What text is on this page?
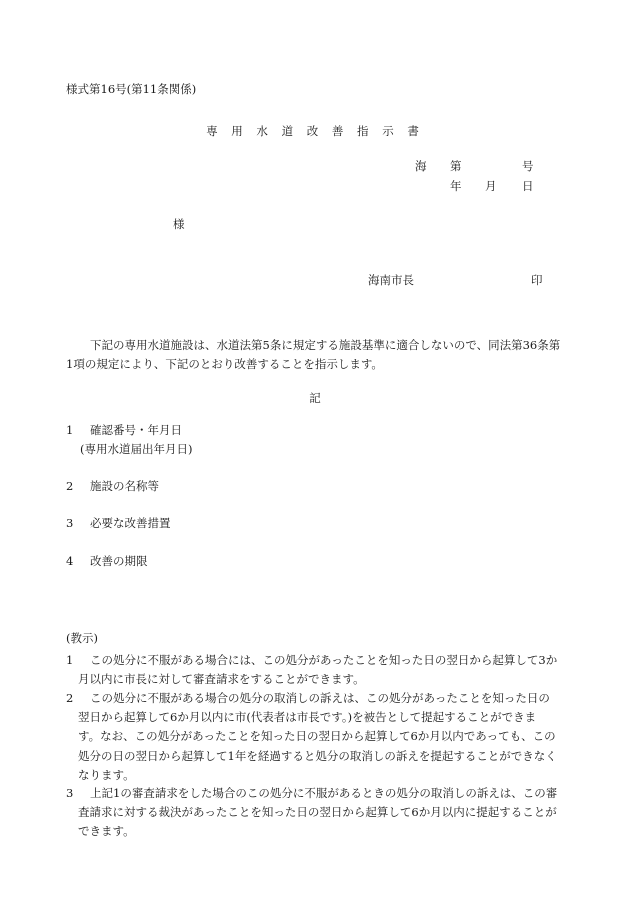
様式第16号(第11条関係)
専 用 水 道 改 善 指 示 書
海 第	号
年 月 日
様
海南市長	印
下記の専用水道施設は、水道法第5条に規定する施設基準に適合しないので、同法第36条第1項の規定により、下記のとおり改善することを指示します。
記
1 確認番号・年月日
(専用水道届出年月日)
2 施設の名称等
3 必要な改善措置
4 改善の期限
(教示)
1	この処分に不服がある場合には、この処分があったことを知った日の翌日から起算して3か月以内に市長に対して審査請求をすることができます。
2	この処分に不服がある場合の処分の取消しの訴えは、この処分があったことを知った日の翌日から起算して6か月以内に市(代表者は市長です。)を被告として提起することができます。なお、この処分があったことを知った日の翌日から起算して6か月以内であっても、この処分の日の翌日から起算して1年を経過すると処分の取消しの訴えを提起することができなくなります。
3	上記1の審査請求をした場合のこの処分に不服があるときの処分の取消しの訴えは、この審査請求に対する裁決があったことを知った日の翌日から起算して6か月以内に提起することができます。
